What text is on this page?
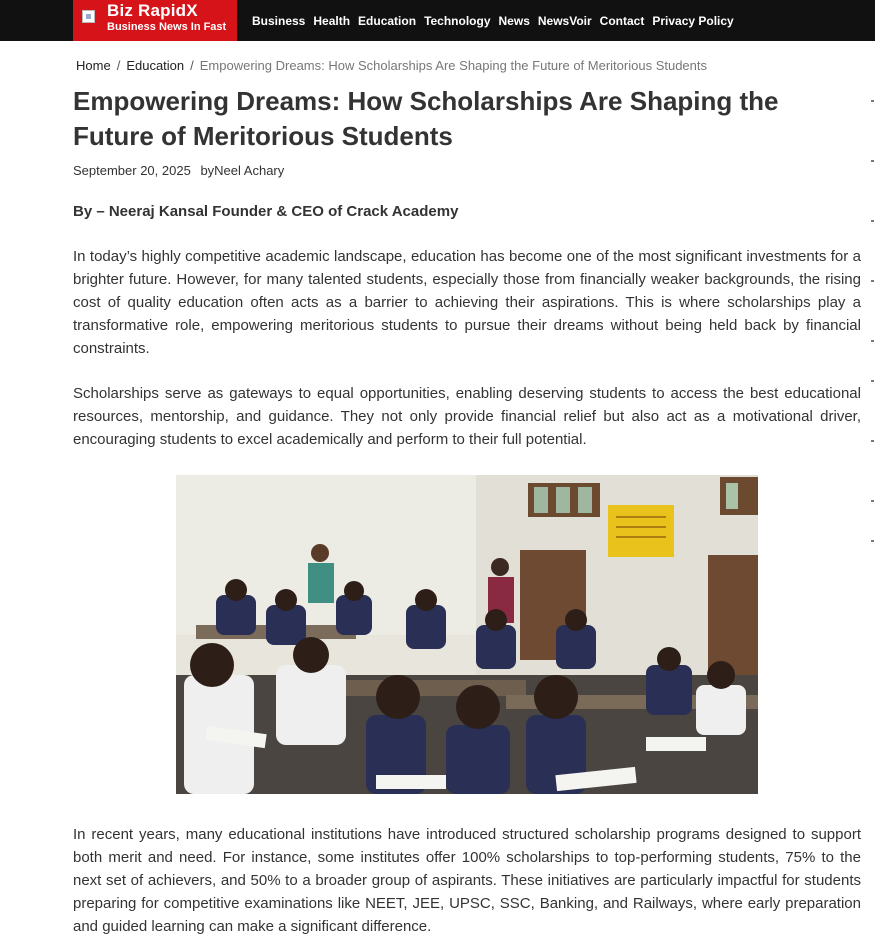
Biz RapidX
Business News In Fast Business Health Education Technology News NewsVoir Contact Privacy Policy
Home / Education / Empowering Dreams: How Scholarships Are Shaping the Future of Meritorious Students
Empowering Dreams: How Scholarships Are Shaping the Future of Meritorious Students
September 20, 2025 byNeel Achary
By – Neeraj Kansal Founder & CEO of Crack Academy

In today’s highly competitive academic landscape, education has become one of the most significant investments for a brighter future. However, for many talented students, especially those from financially weaker backgrounds, the rising cost of quality education often acts as a barrier to achieving their aspirations. This is where scholarships play a transformative role, empowering meritorious students to pursue their dreams without being held back by financial constraints.

Scholarships serve as gateways to equal opportunities, enabling deserving students to access the best educational resources, mentorship, and guidance. They not only provide financial relief but also act as a motivational driver, encouraging students to excel academically and perform to their full potential.

In recent years, many educational institutions have introduced structured scholarship programs designed to support both merit and need. For instance, some institutes offer 100% scholarships to top-performing students, 75% to the next set of achievers, and 50% to a broader group of aspirants. These initiatives are particularly impactful for students preparing for competitive examinations like NEET, JEE, UPSC, SSC, Banking, and Railways, where early preparation and guided learning can make a significant difference.
